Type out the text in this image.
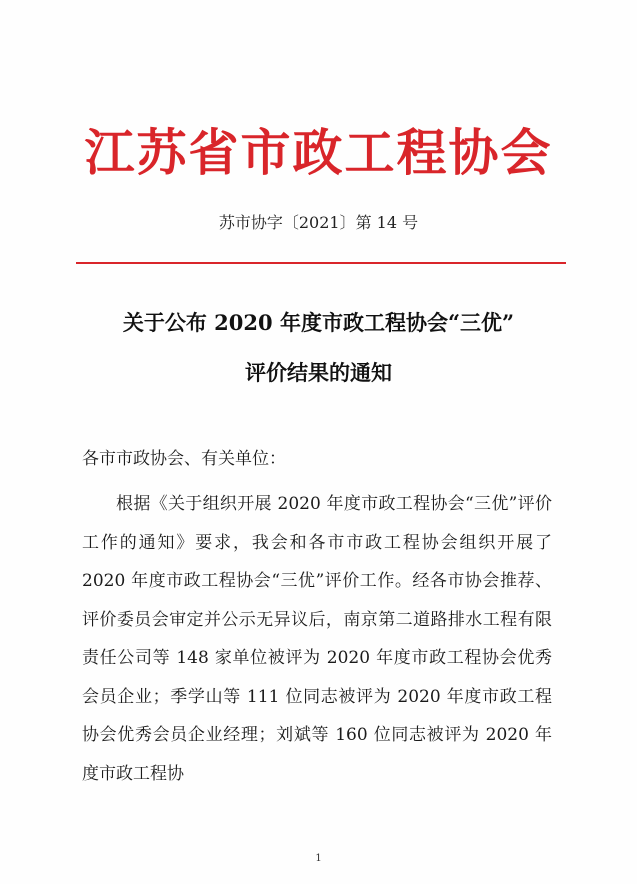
江苏省市政工程协会
苏市协字〔2021〕第 14 号
关于公布 2020 年度市政工程协会“三优”
评价结果的通知
各市市政协会、有关单位：
根据《关于组织开展 2020 年度市政工程协会“三优”评价工作的通知》要求，我会和各市市政工程协会组织开展了 2020 年度市政工程协会“三优”评价工作。经各市协会推荐、评价委员会审定并公示无异议后，南京第二道路排水工程有限责任公司等 148 家单位被评为 2020 年度市政工程协会优秀会员企业；季学山等 111 位同志被评为 2020 年度市政工程协会优秀会员企业经理；刘斌等 160 位同志被评为 2020 年度市政工程协
1
